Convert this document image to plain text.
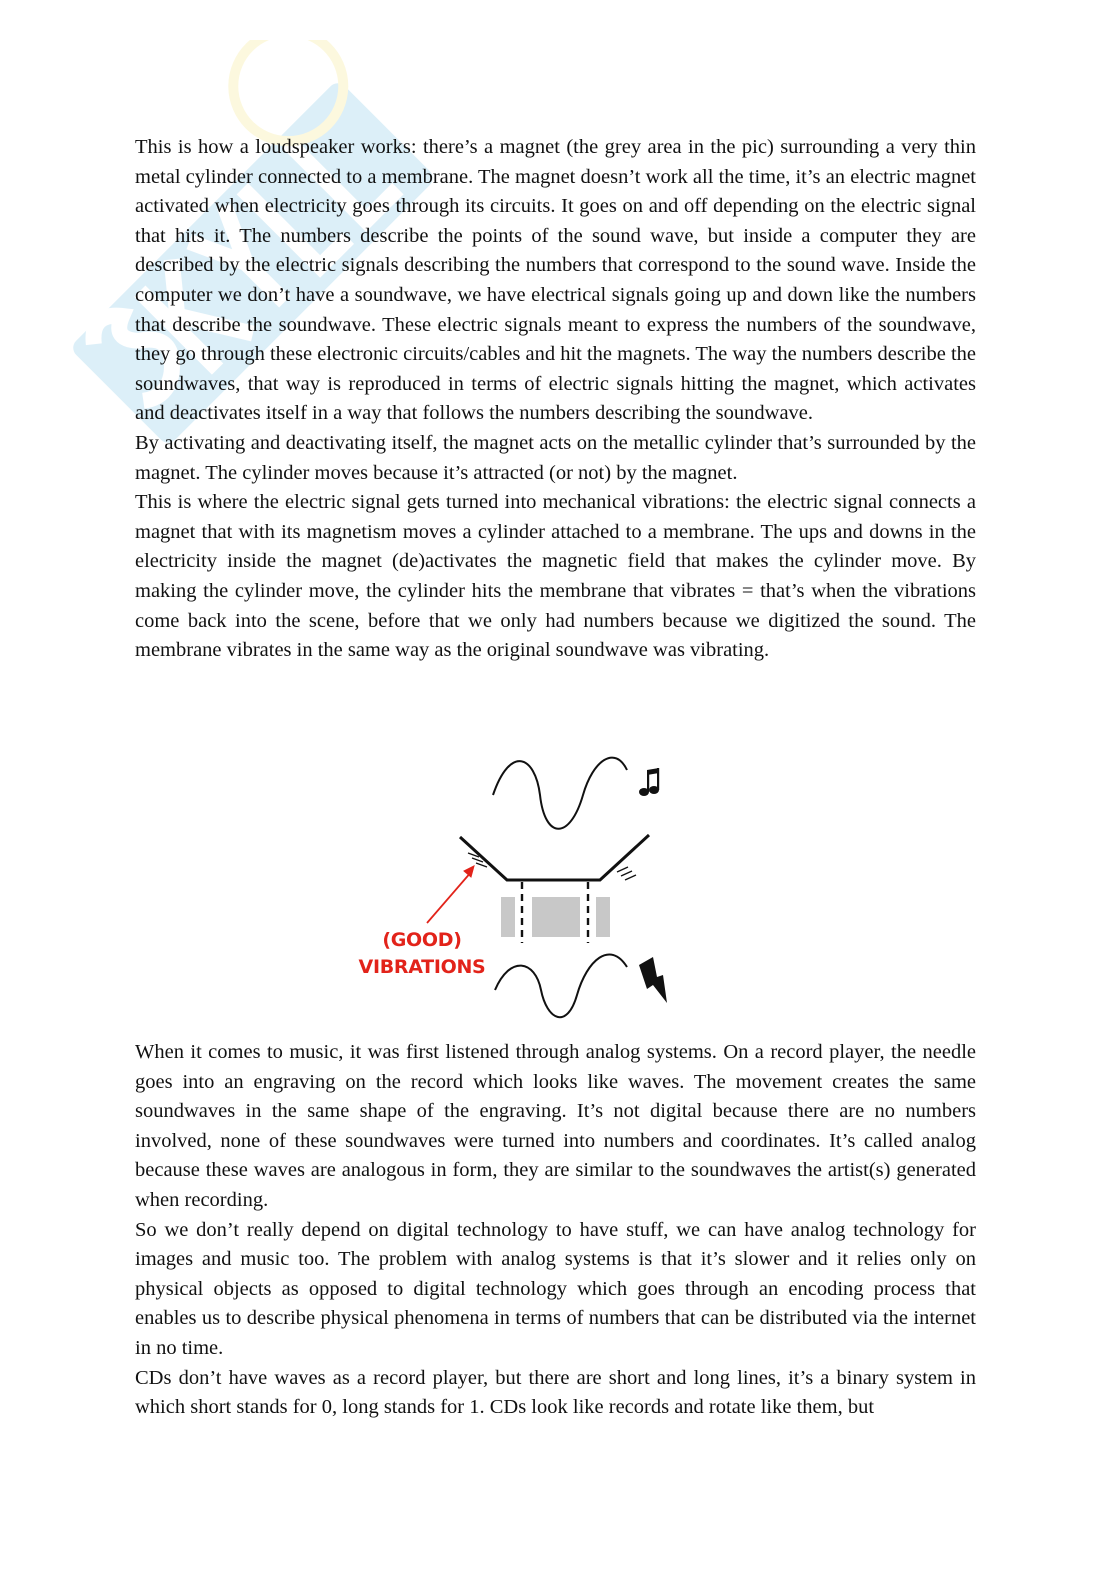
This is how a loudspeaker works: there’s a magnet (the grey area in the pic) surrounding a very thin metal cylinder connected to a membrane. The magnet doesn’t work all the time, it’s an electric magnet activated when electricity goes through its circuits. It goes on and off depending on the electric signal that hits it. The numbers describe the points of the sound wave, but inside a computer they are described by the electric signals describing the numbers that correspond to the sound wave. Inside the computer we don’t have a soundwave, we have electrical signals going up and down like the numbers that describe the soundwave. These electric signals meant to express the numbers of the soundwave, they go through these electronic circuits/cables and hit the magnets. The way the numbers describe the soundwaves, that way is reproduced in terms of electric signals hitting the magnet, which activates and deactivates itself in a way that follows the numbers describing the soundwave.

By activating and deactivating itself, the magnet acts on the metallic cylinder that’s surrounded by the magnet. The cylinder moves because it’s attracted (or not) by the magnet.

This is where the electric signal gets turned into mechanical vibrations: the electric signal connects a magnet that with its magnetism moves a cylinder attached to a membrane. The ups and downs in the electricity inside the magnet (de)activates the magnetic field that makes the cylinder move. By making the cylinder move, the cylinder hits the membrane that vibrates = that’s when the vibrations come back into the scene, before that we only had numbers because we digitized the sound. The membrane vibrates in the same way as the original soundwave was vibrating.

(GOOD)
VIBRATIONS

When it comes to music, it was first listened through analog systems. On a record player, the needle goes into an engraving on the record which looks like waves. The movement creates the same soundwaves in the same shape of the engraving. It’s not digital because there are no numbers involved, none of these soundwaves were turned into numbers and coordinates. It’s called analog because these waves are analogous in form, they are similar to the soundwaves the artist(s) generated when recording.

So we don’t really depend on digital technology to have stuff, we can have analog technology for images and music too. The problem with analog systems is that it’s slower and it relies only on physical objects as opposed to digital technology which goes through an encoding process that enables us to describe physical phenomena in terms of numbers that can be distributed via the internet in no time.

CDs don’t have waves as a record player, but there are short and long lines, it’s a binary system in which short stands for 0, long stands for 1. CDs look like records and rotate like them, but
